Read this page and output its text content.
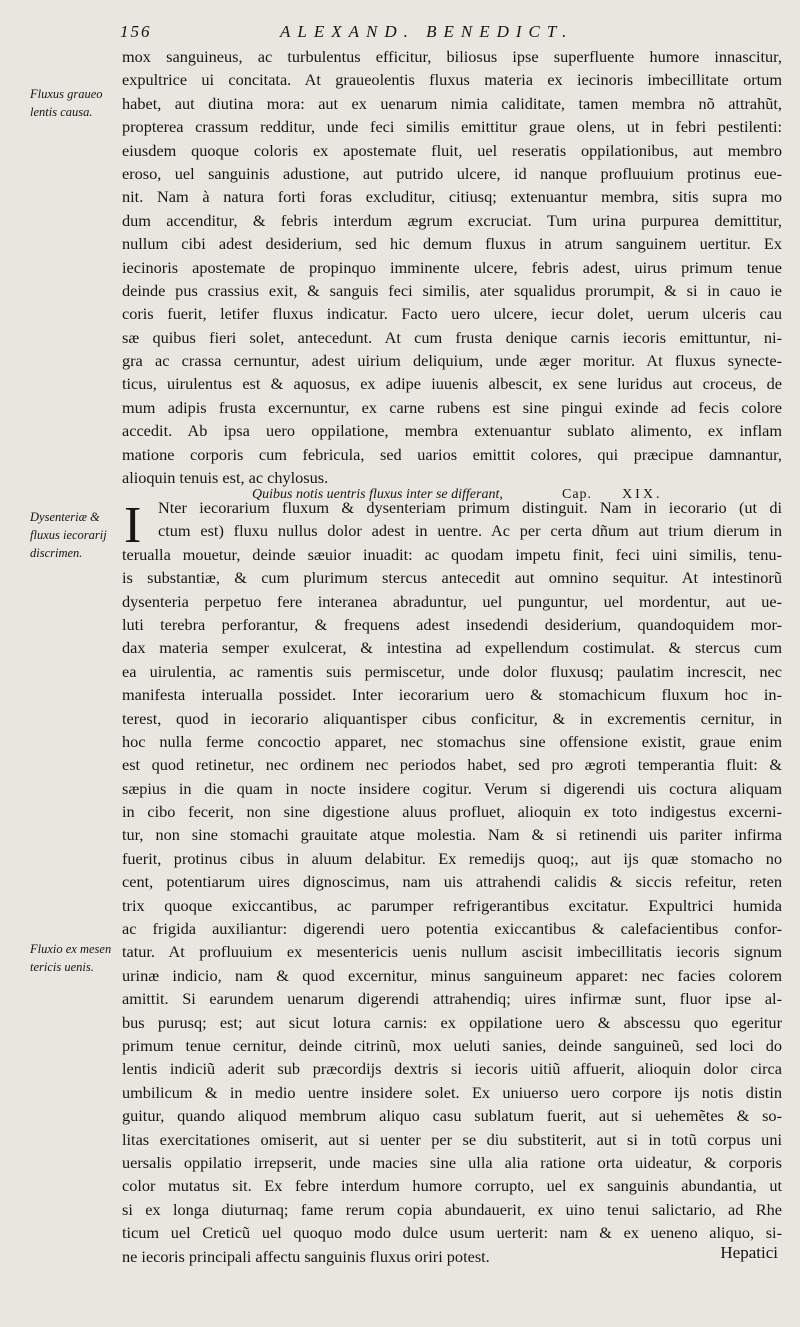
156	ALEXAND. BENEDICT.
Fluxus graueo
lentis causa.
Dysenteriæ &
fluxus iecorarij
discrimen.
Fluxio ex mesen
tericis uenis.
mox sanguineus, ac turbulentus efficitur, biliosus ipse superfluente humore innascitur,
expultrice ui concitata. At graueolentis fluxus materia ex iecinoris imbecillitate ortum
habet, aut diutina mora: aut ex uenarum nimia caliditate, tamen membra nõ attrahũt,
propterea crassum redditur, unde feci similis emittitur graue olens, ut in febri pestilenti:
eiusdem quoque coloris ex apostemate fluit, uel reseratis oppilationibus, aut membro
eroso, uel sanguinis adustione, aut putrido ulcere, id nanque profluuium protinus eue-
nit. Nam à natura forti foras excluditur, citiusq; extenuantur membra, sitis supra mo
dum accenditur, & febris interdum ægrum excruciat. Tum urina purpurea demittitur,
nullum cibi adest desiderium, sed hic demum fluxus in atrum sanguinem uertitur. Ex
iecinoris apostemate de propinquo imminente ulcere, febris adest, uirus primum tenue
deinde pus crassius exit, & sanguis feci similis, ater squalidus prorumpit, & si in cauo ie
coris fuerit, letifer fluxus indicatur. Facto uero ulcere, iecur dolet, uerum ulceris cau
sæ quibus fieri solet, antecedunt. At cum frusta denique carnis iecoris emittuntur, ni-
gra ac crassa cernuntur, adest uirium deliquium, unde æger moritur. At fluxus synecte-
ticus, uirulentus est & aquosus, ex adipe iuuenis albescit, ex sene luridus aut croceus, de
mum adipis frusta excernuntur, ex carne rubens est sine pingui exinde ad fecis colore
accedit. Ab ipsa uero oppilatione, membra extenuantur sublato alimento, ex inflam
matione corporis cum febricula, sed uarios emittit colores, qui præcipue damnantur,
alioquin tenuis est, ac chylosus.
Quibus notis uentris fluxus inter se differant,	Cap. XIX.
I	Nter iecorarium fluxum & dysenteriam primum distinguit. Nam in iecorario (ut di
ctum est) fluxu nullus dolor adest in uentre. Ac per certa dñum aut trium dierum in
terualla mouetur, deinde sæuior inuadit: ac quodam impetu finit, feci uini similis, tenu-
is substantiæ, & cum plurimum stercus antecedit aut omnino sequitur. At intestinorũ
dysenteria perpetuo fere interanea abraduntur, uel punguntur, uel mordentur, aut ue-
luti terebra perforantur, & frequens adest insedendi desiderium, quandoquidem mor-
dax materia semper exulcerat, & intestina ad expellendum costimulat. & stercus cum
ea uirulentia, ac ramentis suis permiscetur, unde dolor fluxusq; paulatim increscit, nec
manifesta interualla possidet. Inter iecorarium uero & stomachicum fluxum hoc in-
terest, quod in iecorario aliquantisper cibus conficitur, & in excrementis cernitur, in
hoc nulla ferme concoctio apparet, nec stomachus sine offensione existit, graue enim
est quod retinetur, nec ordinem nec periodos habet, sed pro ægroti temperantia fluit: &
sæpius in die quam in nocte insidere cogitur. Verum si digerendi uis coctura aliquam
in cibo fecerit, non sine digestione aluus profluet, alioquin ex toto indigestus excerni-
tur, non sine stomachi grauitate atque molestia. Nam & si retinendi uis pariter infirma
fuerit, protinus cibus in aluum delabitur. Ex remedijs quoq;, aut ijs quæ stomacho no
cent, potentiarum uires dignoscimus, nam uis attrahendi calidis & siccis refeitur, reten
trix quoque exiccantibus, ac parumper refrigerantibus excitatur. Expultrici humida
ac frigida auxiliantur: digerendi uero potentia exiccantibus & calefacientibus confor-
tatur. At profluuium ex mesentericis uenis nullum ascisit imbecillitatis iecoris signum
urinæ indicio, nam & quod excernitur, minus sanguineum apparet: nec facies colorem
amittit. Si earundem uenarum digerendi attrahendiq; uires infirmæ sunt, fluor ipse al-
bus purusq; est; aut sicut lotura carnis: ex oppilatione uero & abscessu quo egeritur
primum tenue cernitur, deinde citrinũ, mox ueluti sanies, deinde sanguineũ, sed loci do
lentis indiciũ aderit sub præcordijs dextris si iecoris uitiũ affuerit, alioquin dolor circa
umbilicum & in medio uentre insidere solet. Ex uniuerso uero corpore ijs notis distin
guitur, quando aliquod membrum aliquo casu sublatum fuerit, aut si uehemẽtes & so-
litas exercitationes omiserit, aut si uenter per se diu substiterit, aut si in totũ corpus uni
uersalis oppilatio irrepserit, unde macies sine ulla alia ratione orta uideatur, & corporis
color mutatus sit. Ex febre interdum humore corrupto, uel ex sanguinis abundantia, ut
si ex longa diuturnaq; fame rerum copia abundauerit, ex uino tenui salictario, ad Rhe
ticum uel Creticũ uel quoquo modo dulce usum uerterit: nam & ex ueneno aliquo, si-
ne iecoris principali affectu sanguinis fluxus oriri potest.	Hepatici
